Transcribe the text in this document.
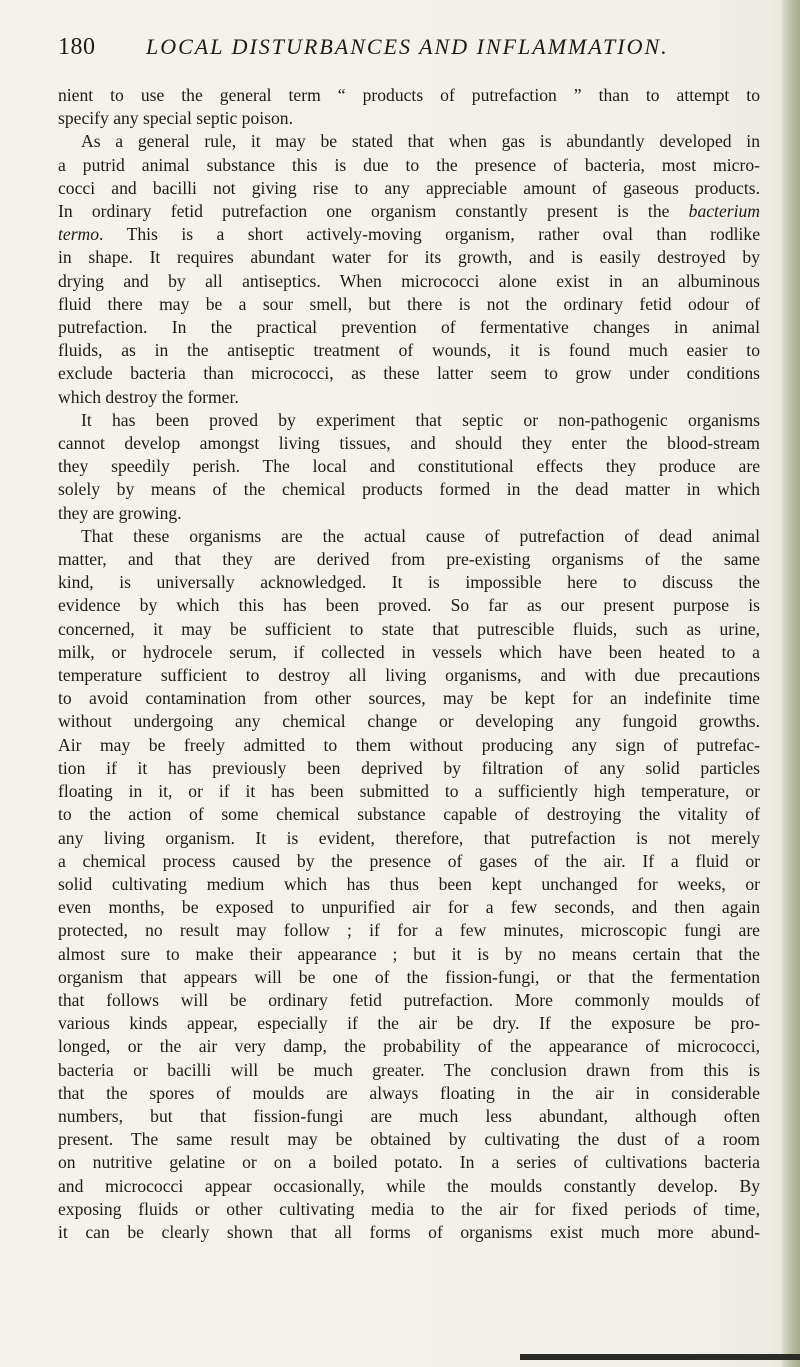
180 LOCAL DISTURBANCES AND INFLAMMATION.
nient to use the general term “ products of putrefaction ” than to attempt to
specify any special septic poison.
As a general rule, it may be stated that when gas is abundantly developed in
a putrid animal substance this is due to the presence of bacteria, most micro-
cocci and bacilli not giving rise to any appreciable amount of gaseous products.
In ordinary fetid putrefaction one organism constantly present is the bacterium
termo. This is a short actively-moving organism, rather oval than rodlike
in shape. It requires abundant water for its growth, and is easily destroyed by
drying and by all antiseptics. When micrococci alone exist in an albuminous
fluid there may be a sour smell, but there is not the ordinary fetid odour of
putrefaction. In the practical prevention of fermentative changes in animal
fluids, as in the antiseptic treatment of wounds, it is found much easier to
exclude bacteria than micrococci, as these latter seem to grow under conditions
which destroy the former.
It has been proved by experiment that septic or non-pathogenic organisms
cannot develop amongst living tissues, and should they enter the blood-stream
they speedily perish. The local and constitutional effects they produce are
solely by means of the chemical products formed in the dead matter in which
they are growing.
That these organisms are the actual cause of putrefaction of dead animal
matter, and that they are derived from pre-existing organisms of the same
kind, is universally acknowledged. It is impossible here to discuss the
evidence by which this has been proved. So far as our present purpose is
concerned, it may be sufficient to state that putrescible fluids, such as urine,
milk, or hydrocele serum, if collected in vessels which have been heated to a
temperature sufficient to destroy all living organisms, and with due precautions
to avoid contamination from other sources, may be kept for an indefinite time
without undergoing any chemical change or developing any fungoid growths.
Air may be freely admitted to them without producing any sign of putrefac-
tion if it has previously been deprived by filtration of any solid particles
floating in it, or if it has been submitted to a sufficiently high temperature, or
to the action of some chemical substance capable of destroying the vitality of
any living organism. It is evident, therefore, that putrefaction is not merely
a chemical process caused by the presence of gases of the air. If a fluid or
solid cultivating medium which has thus been kept unchanged for weeks, or
even months, be exposed to unpurified air for a few seconds, and then again
protected, no result may follow ; if for a few minutes, microscopic fungi are
almost sure to make their appearance ; but it is by no means certain that the
organism that appears will be one of the fission-fungi, or that the fermentation
that follows will be ordinary fetid putrefaction. More commonly moulds of
various kinds appear, especially if the air be dry. If the exposure be pro-
longed, or the air very damp, the probability of the appearance of micrococci,
bacteria or bacilli will be much greater. The conclusion drawn from this is
that the spores of moulds are always floating in the air in considerable
numbers, but that fission-fungi are much less abundant, although often
present. The same result may be obtained by cultivating the dust of a room
on nutritive gelatine or on a boiled potato. In a series of cultivations bacteria
and micrococci appear occasionally, while the moulds constantly develop. By
exposing fluids or other cultivating media to the air for fixed periods of time,
it can be clearly shown that all forms of organisms exist much more abund-
